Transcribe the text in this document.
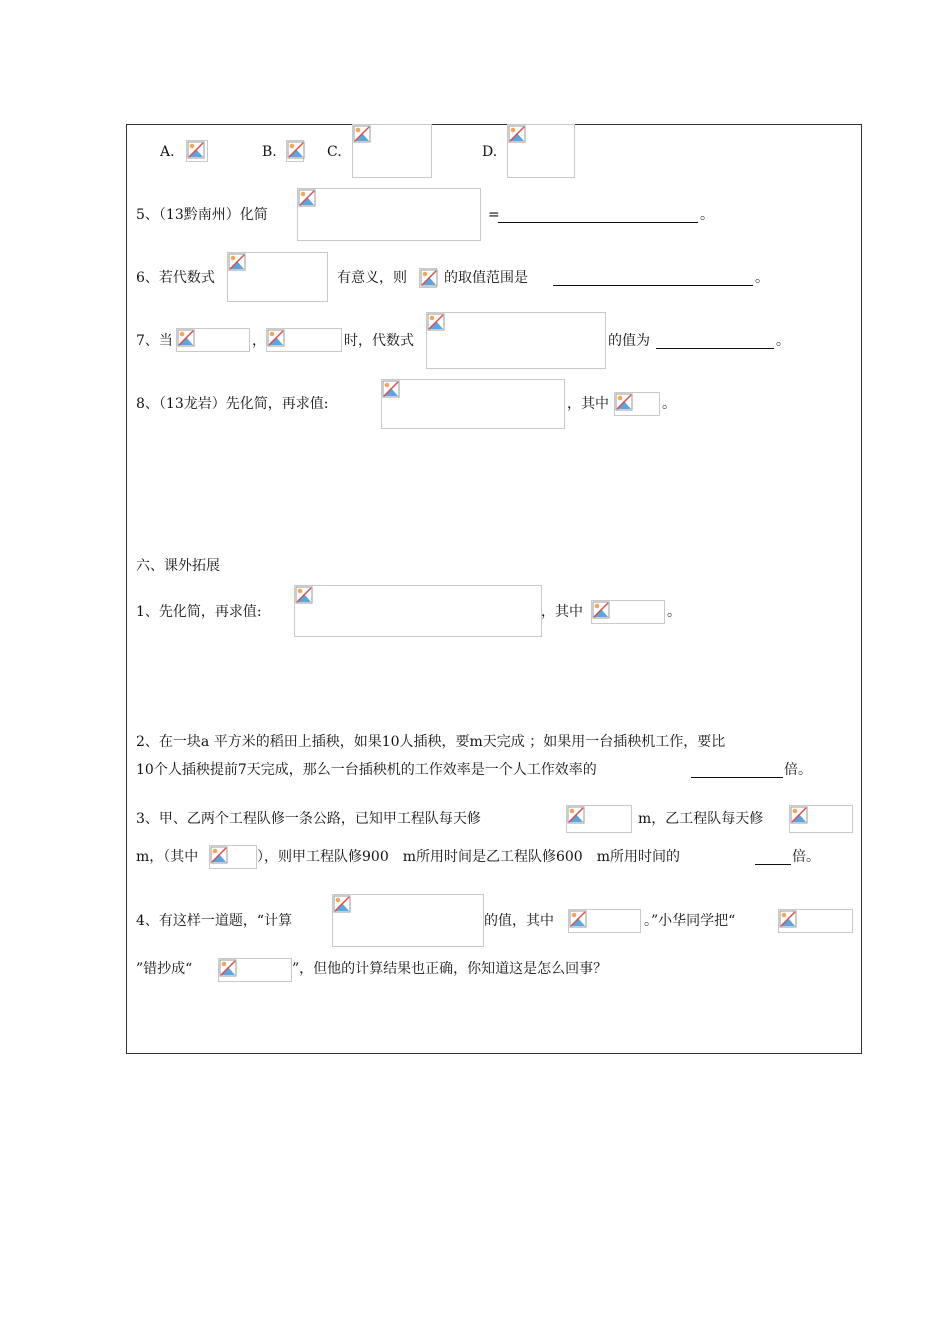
A.	B.	C.	D.
5、（13黔南州）化简	=	。
6、若代数式	有意义，则	的取值范围是	。
7、当	，	时，代数式	的值为	。
8、（13龙岩）先化简，再求值:	，其中	。
六、课外拓展
1、先化简，再求值:	，其中	。
2、在一块a 平方米的稻田上插秧，如果10人插秧，要m天完成 ；如果用一台插秧机工作，要比
10个人插秧提前7天完成，那么一台插秧机的工作效率是一个人工作效率的	倍。
3、甲、乙两个工程队修一条公路，已知甲工程队每天修	m，乙工程队每天修
m，（其中	），则甲工程队修900　m所用时间是乙工程队修600　m所用时间的	倍。
4、有这样一道题，“计算	的值，其中	。”小华同学把“
”错抄成“	”，但他的计算结果也正确，你知道这是怎么回事？
